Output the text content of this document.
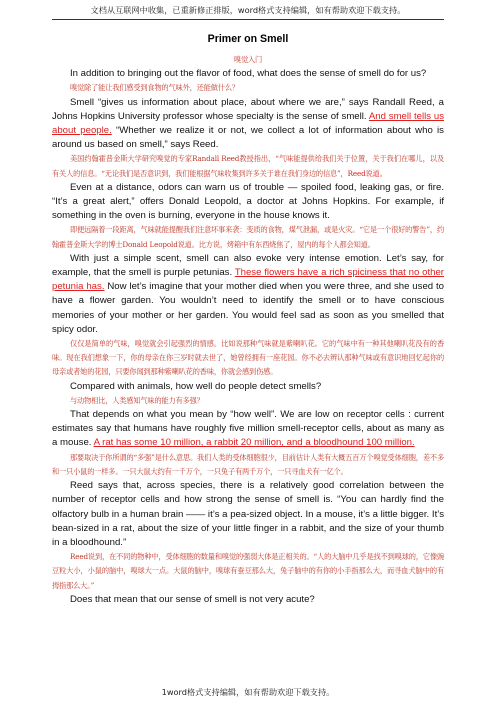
文档从互联网中收集，已重新修正排版，word格式支持编辑，如有帮助欢迎下载支持。
Primer on Smell

嗅觉入门

In addition to bringing out the flavor of food, what does the sense of smell do for us?

嗅觉除了能让我们感受到食物的气味外，还能做什么？

Smell “gives us information about place, about where we are,” says Randall Reed, a Johns Hopkins University professor whose specialty is the sense of smell. And smell tells us about people. “Whether we realize it or not, we collect a lot of information about who is around us based on smell,” says Reed.

美国约翰霍普金斯大学研究嗅觉的专家Randall Reed教授指出，“气味能提供给我们关于位置，关于我们在哪儿，以及有关人的信息。“无论我们是否意识到，我们能根据气味收集到许多关于谁在我们身边的信息”，Reed说道。

Even at a distance, odors can warn us of trouble — spoiled food, leaking gas, or fire. “It’s a great alert,” offers Donald Leopold, a doctor at Johns Hopkins. For example, if something in the oven is burning, everyone in the house knows it.

即便远隔着一段距离，气味就能提醒我们注意坏事来袭：变质的食物，煤气泄漏，或是火灾。“它是一个很好的警告”，约翰霍普金斯大学的博士Donald Leopold说道。比方说，烤箱中有东西烧焦了，屋内的每个人都会知道。

With just a simple scent, smell can also evoke very intense emotion. Let’s say, for example, that the smell is purple petunias. These flowers have a rich spiciness that no other petunia has. Now let’s imagine that your mother died when you were three, and she used to have a flower garden. You wouldn’t need to identify the smell or to have conscious memories of your mother or her garden. You would feel sad as soon as you smelled that spicy odor.

仅仅是简单的气味，嗅觉就会引起强烈的情感。比如说那种气味就是紫喇叭花。它的气味中有一种其他喇叭花没有的香味。现在我们想象一下，你的母亲在你三岁时就去世了，她曾经拥有一座花园。你不必去辨认那种气味或有意识地回忆起你的母亲或者她的花园，只要你闻到那种紫喇叭花的香味，你就会感到伤感。

Compared with animals, how well do people detect smells?

与动物相比，人类感知气味的能力有多强？

That depends on what you mean by “how well”. We are low on receptor cells : current estimates say that humans have roughly five million smell-receptor cells, about as many as a mouse. A rat has some 10 million, a rabbit 20 million, and a bloodhound 100 million.

那要取决于你所谓的“多强”是什么意思。我们人类的受体细胞很少，目前估计人类有大概五百万个嗅觉受体细胞，差不多和一只小鼠的一样多。一只大鼠大约有一千万个，一只兔子有两千万个，一只寻血犬有一亿个。

Reed says that, across species, there is a relatively good correlation between the number of receptor cells and how strong the sense of smell is. “You can hardly find the olfactory bulb in a human brain —— it’s a pea-sized object. In a mouse, it’s a little bigger. It’s bean-sized in a rat, about the size of your little finger in a rabbit, and the size of your thumb in a bloodhound.”

Reed说到，在不同的物种中，受体细胞的数量和嗅觉的强弱大体是正相关的。“人的大脑中几乎是找不到嗅球的，它像豌豆粒大小，小鼠的脑中，嗅球大一点。大鼠的脑中，嗅球有蚕豆那么大，兔子脑中的有你的小手指那么大，而寻血犬脑中的有拇指那么大。”

Does that mean that our sense of smell is not very acute?

1word格式支持编辑，如有帮助欢迎下载支持。
